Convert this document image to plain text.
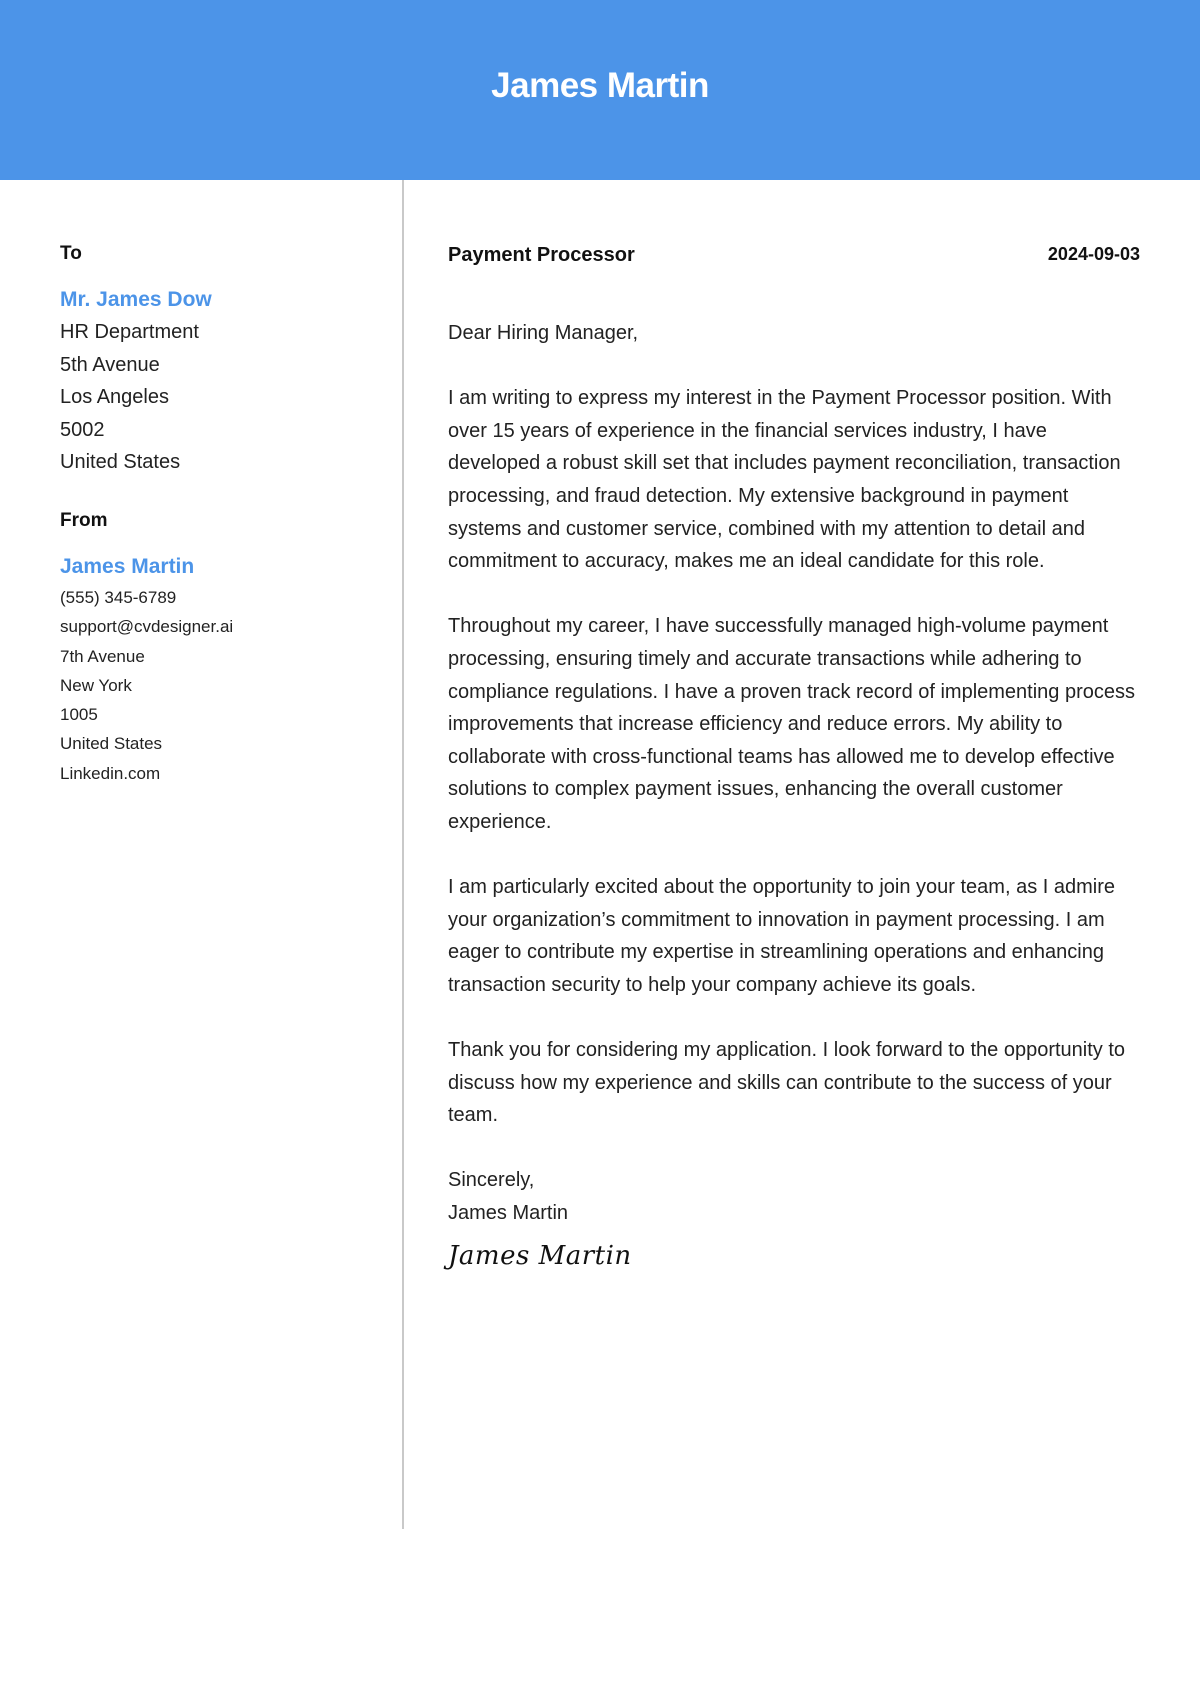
James Martin
To
Mr. James Dow
HR Department
5th Avenue
Los Angeles
5002
United States
From
James Martin
(555) 345-6789
support@cvdesigner.ai
7th Avenue
New York
1005
United States
Linkedin.com
Payment Processor	2024-09-03

Dear Hiring Manager,

I am writing to express my interest in the Payment Processor position. With over 15 years of experience in the financial services industry, I have developed a robust skill set that includes payment reconciliation, transaction processing, and fraud detection. My extensive background in payment systems and customer service, combined with my attention to detail and commitment to accuracy, makes me an ideal candidate for this role.

Throughout my career, I have successfully managed high-volume payment processing, ensuring timely and accurate transactions while adhering to compliance regulations. I have a proven track record of implementing process improvements that increase efficiency and reduce errors. My ability to collaborate with cross-functional teams has allowed me to develop effective solutions to complex payment issues, enhancing the overall customer experience.

I am particularly excited about the opportunity to join your team, as I admire your organization’s commitment to innovation in payment processing. I am eager to contribute my expertise in streamlining operations and enhancing transaction security to help your company achieve its goals.

Thank you for considering my application. I look forward to the opportunity to discuss how my experience and skills can contribute to the success of your team.

Sincerely,

James Martin

James Martin
